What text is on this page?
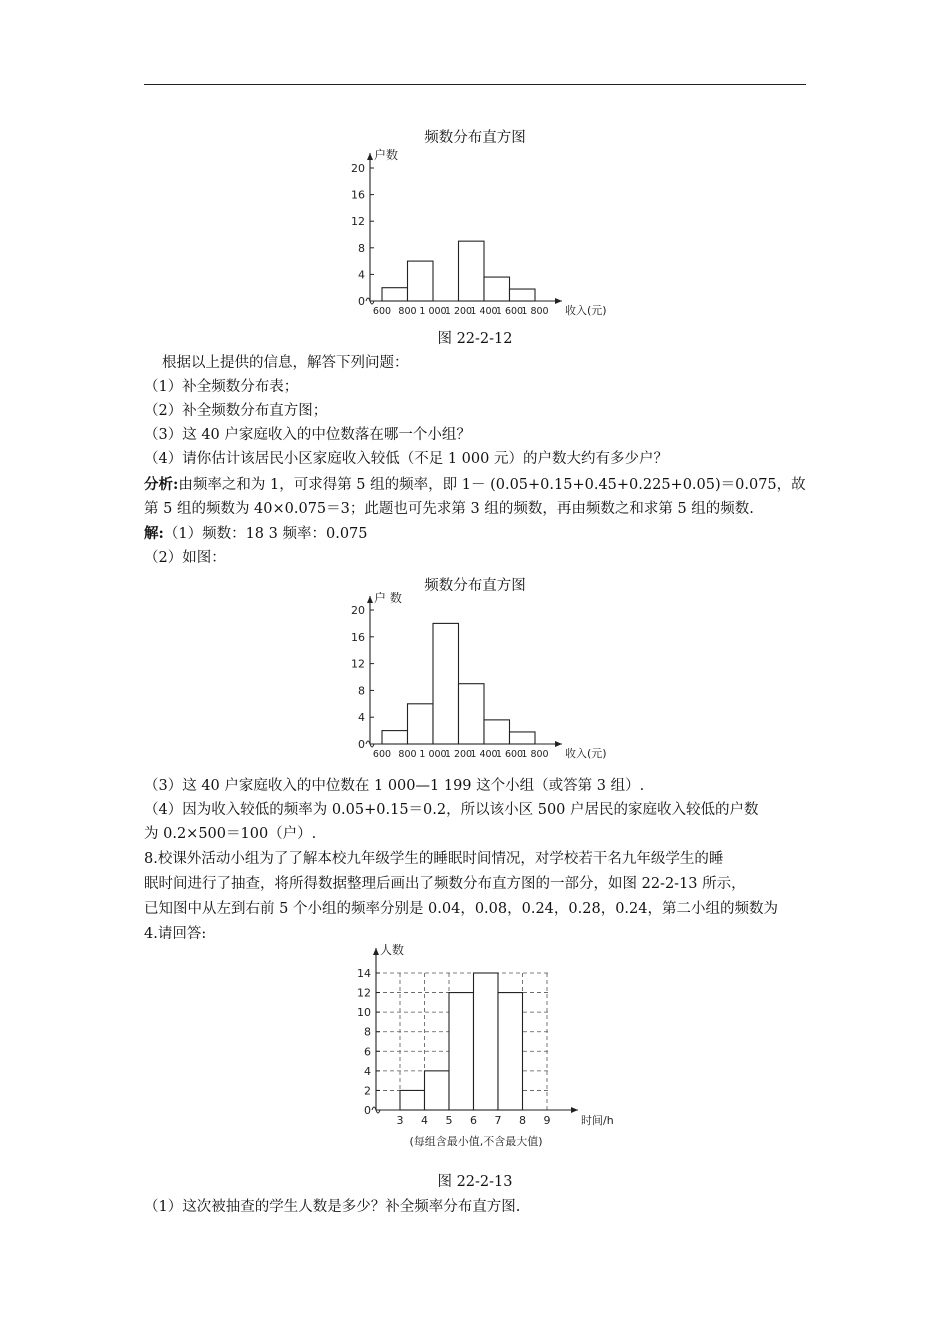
频数分布直方图
0
4
8
12
16
20
600 800 1 000
1 200
1 400
1 600
1 800
户数
收入(元)
图 22-2-12
根据以上提供的信息，解答下列问题：
（1）补全频数分布表；
（2）补全频数分布直方图；
（3）这 40 户家庭收入的中位数落在哪一个小组？
（4）请你估计该居民小区家庭收入较低（不足 1 000 元）的户数大约有多少户？
分析:由频率之和为 1，可求得第 5 组的频率，即 1－ (0.05+0.15+0.45+0.225+0.05)＝0.075，故
第 5 组的频数为 40×0.075＝3；此题也可先求第 3 组的频数，再由频数之和求第 5 组的频数.
解:（1）频数：18 3 频率：0.075
（2）如图：
频数分布直方图
0
4
8
12
16
20
600 800 1 000
1 200
1 400
1 600
1 800
户 数
收入(元)
（3）这 40 户家庭收入的中位数在 1 000—1 199 这个小组（或答第 3 组）.
（4）因为收入较低的频率为 0.05+0.15＝0.2，所以该小区 500 户居民的家庭收入较低的户数
为 0.2×500＝100（户）.
8.校课外活动小组为了了解本校九年级学生的睡眠时间情况，对学校若干名九年级学生的睡
眠时间进行了抽查，将所得数据整理后画出了频数分布直方图的一部分，如图 22-2-13 所示，
已知图中从左到右前 5 个小组的频率分别是 0.04，0.08，0.24，0.28，0.24，第二小组的频数为
4.请回答:
0
2
4
6
8
10
12
14
3 4 5 6 7 8 9
人数
时间/h
(每组含最小值,不含最大值)
图 22-2-13
（1）这次被抽查的学生人数是多少？补全频率分布直方图.
